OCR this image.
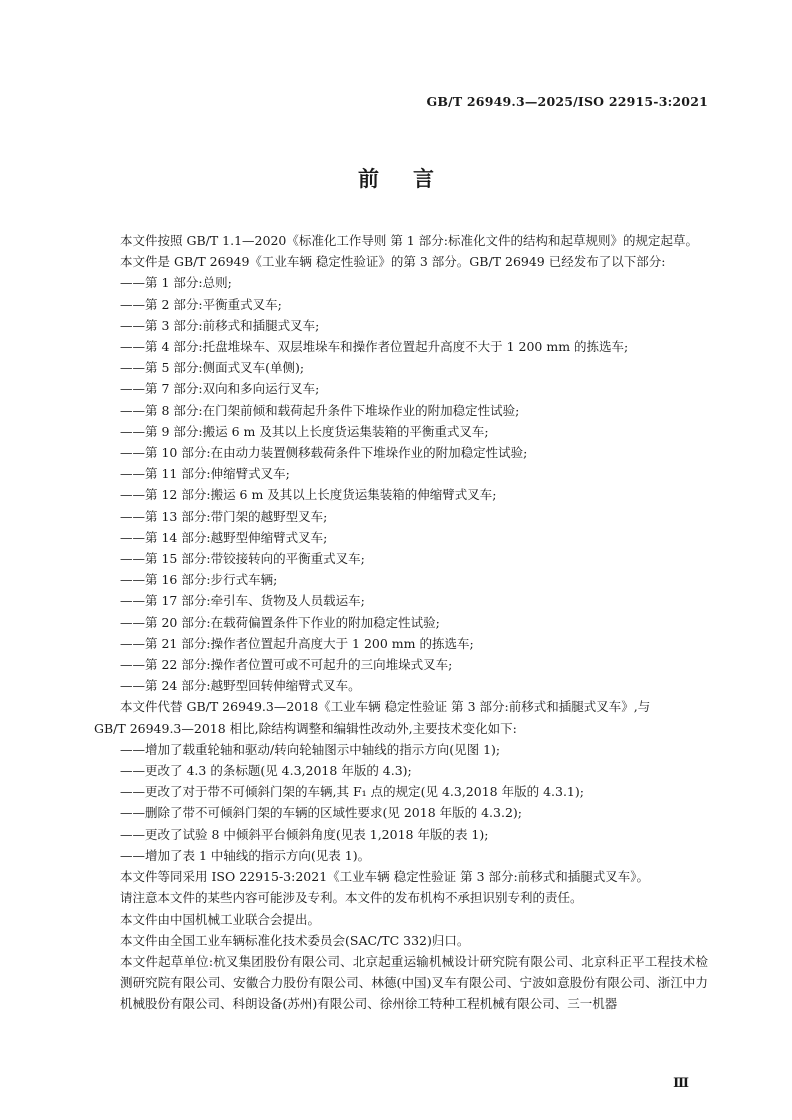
GB/T 26949.3—2025/ISO 22915-3:2021
前言

本文件按照 GB/T 1.1—2020《标准化工作导则 第 1 部分:标准化文件的结构和起草规则》的规定起草。

本文件是 GB/T 26949《工业车辆 稳定性验证》的第 3 部分。GB/T 26949 已经发布了以下部分:

——第 1 部分:总则;

——第 2 部分:平衡重式叉车;

——第 3 部分:前移式和插腿式叉车;

——第 4 部分:托盘堆垛车、双层堆垛车和操作者位置起升高度不大于 1 200 mm 的拣选车;

——第 5 部分:侧面式叉车(单侧);

——第 7 部分:双向和多向运行叉车;

——第 8 部分:在门架前倾和载荷起升条件下堆垛作业的附加稳定性试验;

——第 9 部分:搬运 6 m 及其以上长度货运集装箱的平衡重式叉车;

——第 10 部分:在由动力装置侧移载荷条件下堆垛作业的附加稳定性试验;

——第 11 部分:伸缩臂式叉车;

——第 12 部分:搬运 6 m 及其以上长度货运集装箱的伸缩臂式叉车;

——第 13 部分:带门架的越野型叉车;

——第 14 部分:越野型伸缩臂式叉车;

——第 15 部分:带铰接转向的平衡重式叉车;

——第 16 部分:步行式车辆;

——第 17 部分:牵引车、货物及人员载运车;

——第 20 部分:在载荷偏置条件下作业的附加稳定性试验;

——第 21 部分:操作者位置起升高度大于 1 200 mm 的拣选车;

——第 22 部分:操作者位置可或不可起升的三向堆垛式叉车;

——第 24 部分:越野型回转伸缩臂式叉车。

本文件代替 GB/T 26949.3—2018《工业车辆 稳定性验证 第 3 部分:前移式和插腿式叉车》,与

GB/T 26949.3—2018 相比,除结构调整和编辑性改动外,主要技术变化如下:

——增加了载重轮轴和驱动/转向轮轴图示中轴线的指示方向(见图 1);

——更改了 4.3 的条标题(见 4.3,2018 年版的 4.3);

——更改了对于带不可倾斜门架的车辆,其 F₁ 点的规定(见 4.3,2018 年版的 4.3.1);

——删除了带不可倾斜门架的车辆的区域性要求(见 2018 年版的 4.3.2);

——更改了试验 8 中倾斜平台倾斜角度(见表 1,2018 年版的表 1);

——增加了表 1 中轴线的指示方向(见表 1)。

本文件等同采用 ISO 22915-3:2021《工业车辆 稳定性验证 第 3 部分:前移式和插腿式叉车》。

请注意本文件的某些内容可能涉及专利。本文件的发布机构不承担识别专利的责任。

本文件由中国机械工业联合会提出。

本文件由全国工业车辆标准化技术委员会(SAC/TC 332)归口。

本文件起草单位:杭叉集团股份有限公司、北京起重运输机械设计研究院有限公司、北京科正平工程技术检测研究院有限公司、安徽合力股份有限公司、林德(中国)叉车有限公司、宁波如意股份有限公司、浙江中力机械股份有限公司、科朗设备(苏州)有限公司、徐州徐工特种工程机械有限公司、三一机器

Ⅲ
